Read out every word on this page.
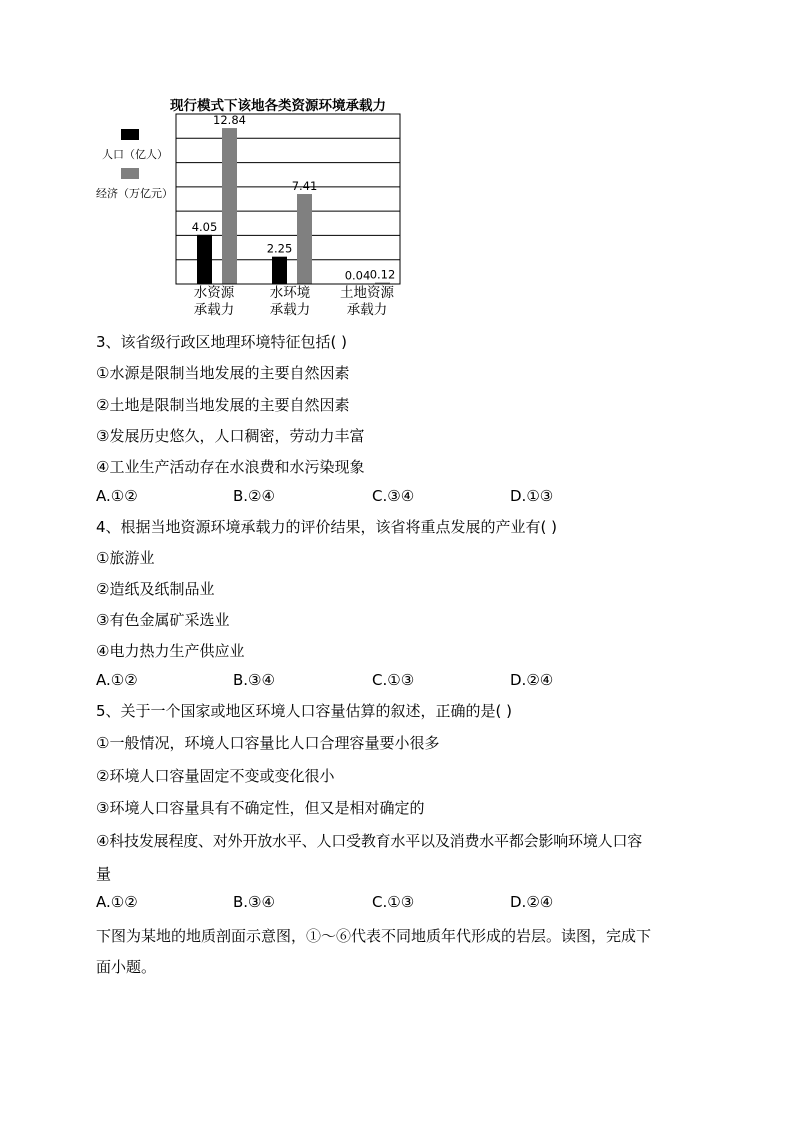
现行模式下该地各类资源环境承载力
人口（亿人）
经济（万亿元）
4.05
2.25
0.04
12.84
7.41
0.12
水资源
承载力
水环境
承载力
土地资源
承载力
3、该省级行政区地理环境特征包括( )
①水源是限制当地发展的主要自然因素
②土地是限制当地发展的主要自然因素
③发展历史悠久，人口稠密，劳动力丰富
④工业生产活动存在水浪费和水污染现象
A.①②	B.②④	C.③④	D.①③
4、根据当地资源环境承载力的评价结果，该省将重点发展的产业有( )
①旅游业
②造纸及纸制品业
③有色金属矿采选业
④电力热力生产供应业
A.①②	B.③④	C.①③	D.②④
5、关于一个国家或地区环境人口容量估算的叙述，正确的是( )
①一般情况，环境人口容量比人口合理容量要小很多
②环境人口容量固定不变或变化很小
③环境人口容量具有不确定性，但又是相对确定的
④科技发展程度、对外开放水平、人口受教育水平以及消费水平都会影响环境人口容
量
A.①②	B.③④	C.①③	D.②④
下图为某地的地质剖面示意图，①～⑥代表不同地质年代形成的岩层。读图，完成下
面小题。
